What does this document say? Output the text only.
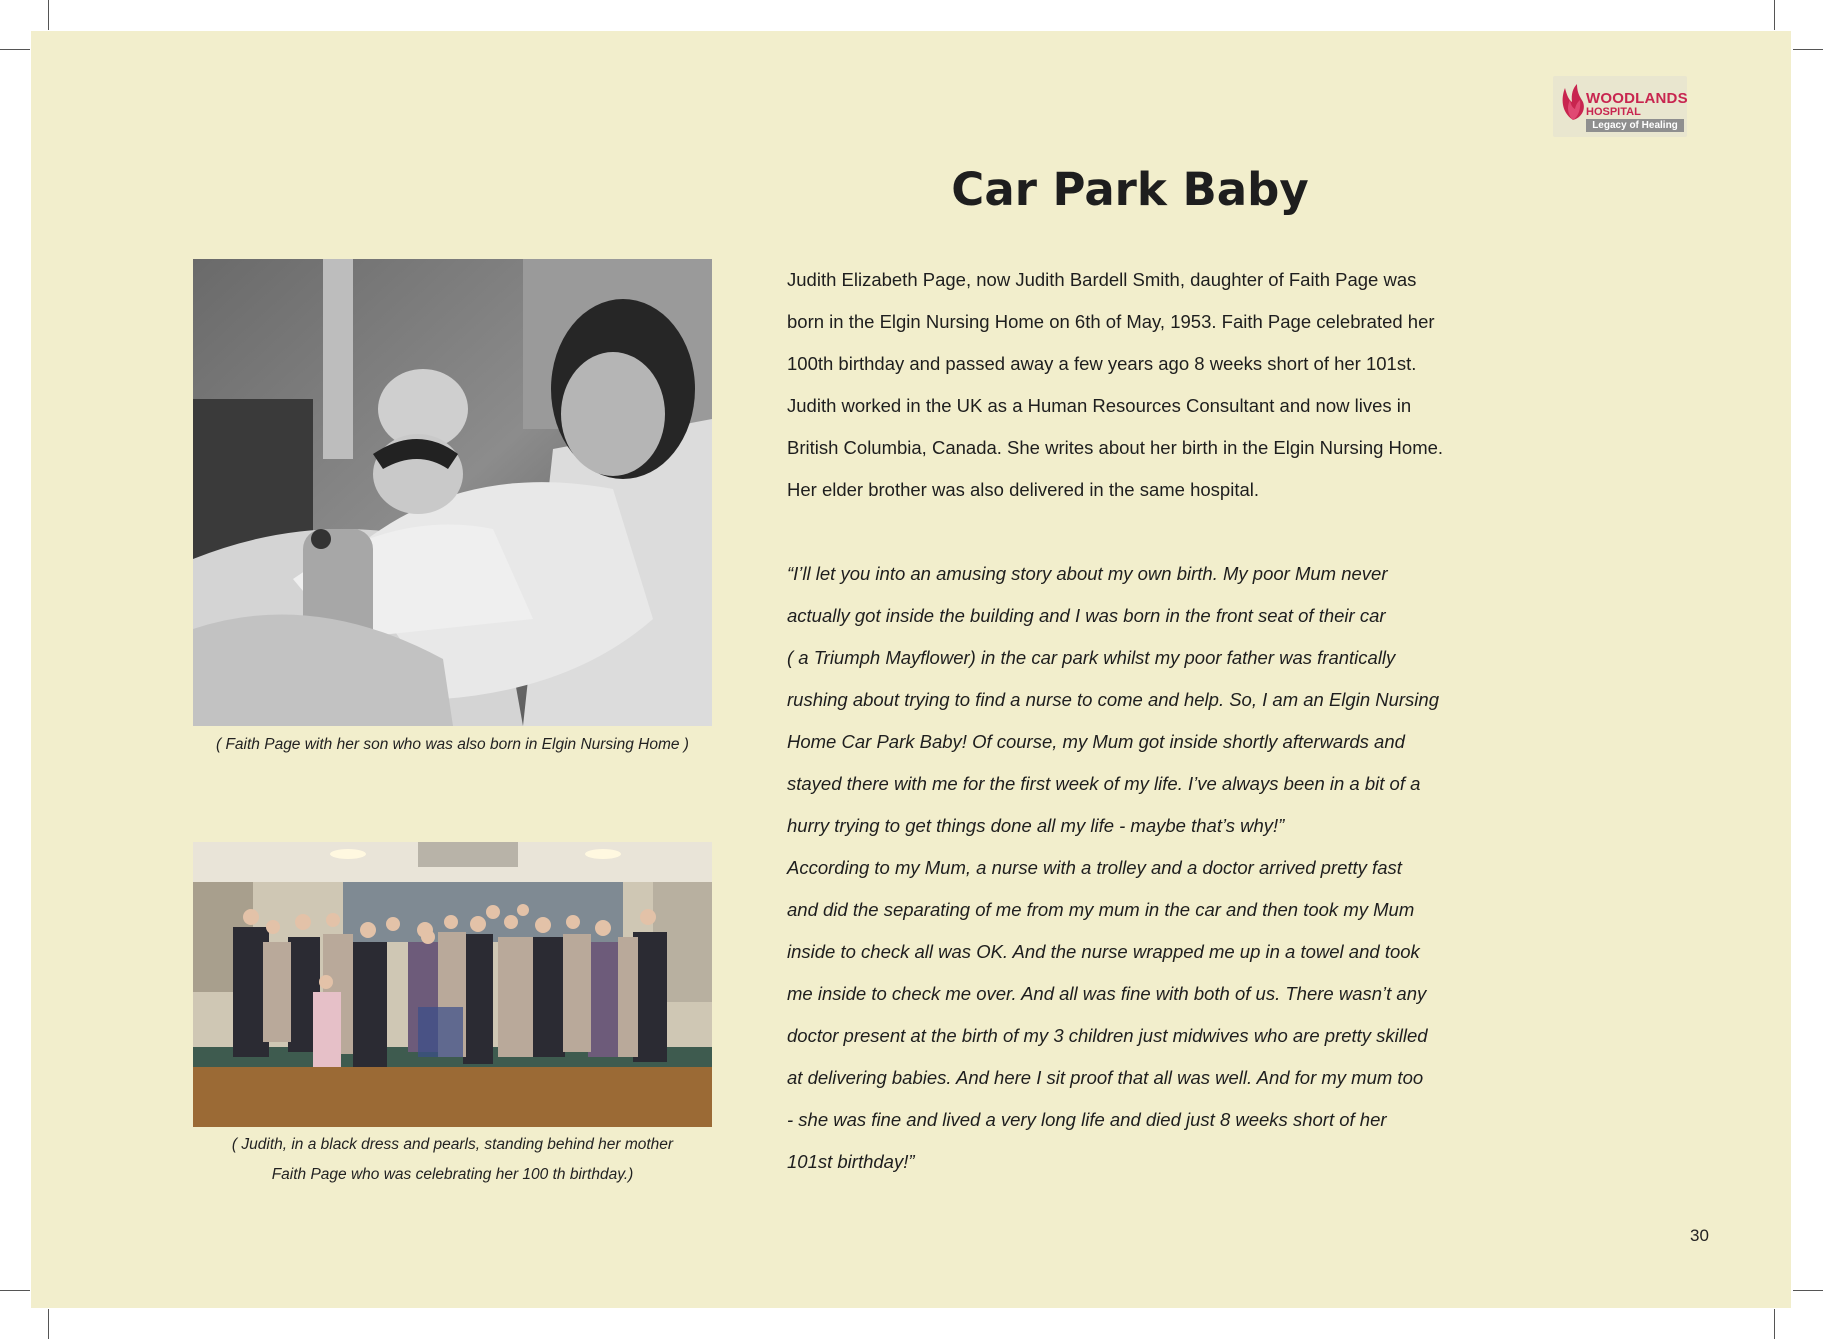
WOODLANDS
HOSPITAL
Legacy of Healing
Car Park Baby
( Faith Page with her son who was also born in Elgin Nursing Home )
( Judith, in a black dress and pearls, standing behind her mother
Faith Page who was celebrating her 100 th birthday.)
Judith Elizabeth Page, now Judith Bardell Smith, daughter of Faith Page was
born in the Elgin Nursing Home on 6th of May, 1953. Faith Page celebrated her
100th birthday and passed away a few years ago 8 weeks short of her 101st.
Judith worked in the UK as a Human Resources Consultant and now lives in
British Columbia, Canada. She writes about her birth in the Elgin Nursing Home.
Her elder brother was also delivered in the same hospital.
“I’ll let you into an amusing story about my own birth. My poor Mum never
actually got inside the building and I was born in the front seat of their car
( a Triumph Mayflower) in the car park whilst my poor father was frantically
rushing about trying to find a nurse to come and help. So, I am an Elgin Nursing
Home Car Park Baby! Of course, my Mum got inside shortly afterwards and
stayed there with me for the first week of my life. I’ve always been in a bit of a
hurry trying to get things done all my life - maybe that’s why!”
According to my Mum, a nurse with a trolley and a doctor arrived pretty fast
and did the separating of me from my mum in the car and then took my Mum
inside to check all was OK. And the nurse wrapped me up in a towel and took
me inside to check me over. And all was fine with both of us. There wasn’t any
doctor present at the birth of my 3 children just midwives who are pretty skilled
at delivering babies. And here I sit proof that all was well. And for my mum too
- she was fine and lived a very long life and died just 8 weeks short of her
101st birthday!”
30
